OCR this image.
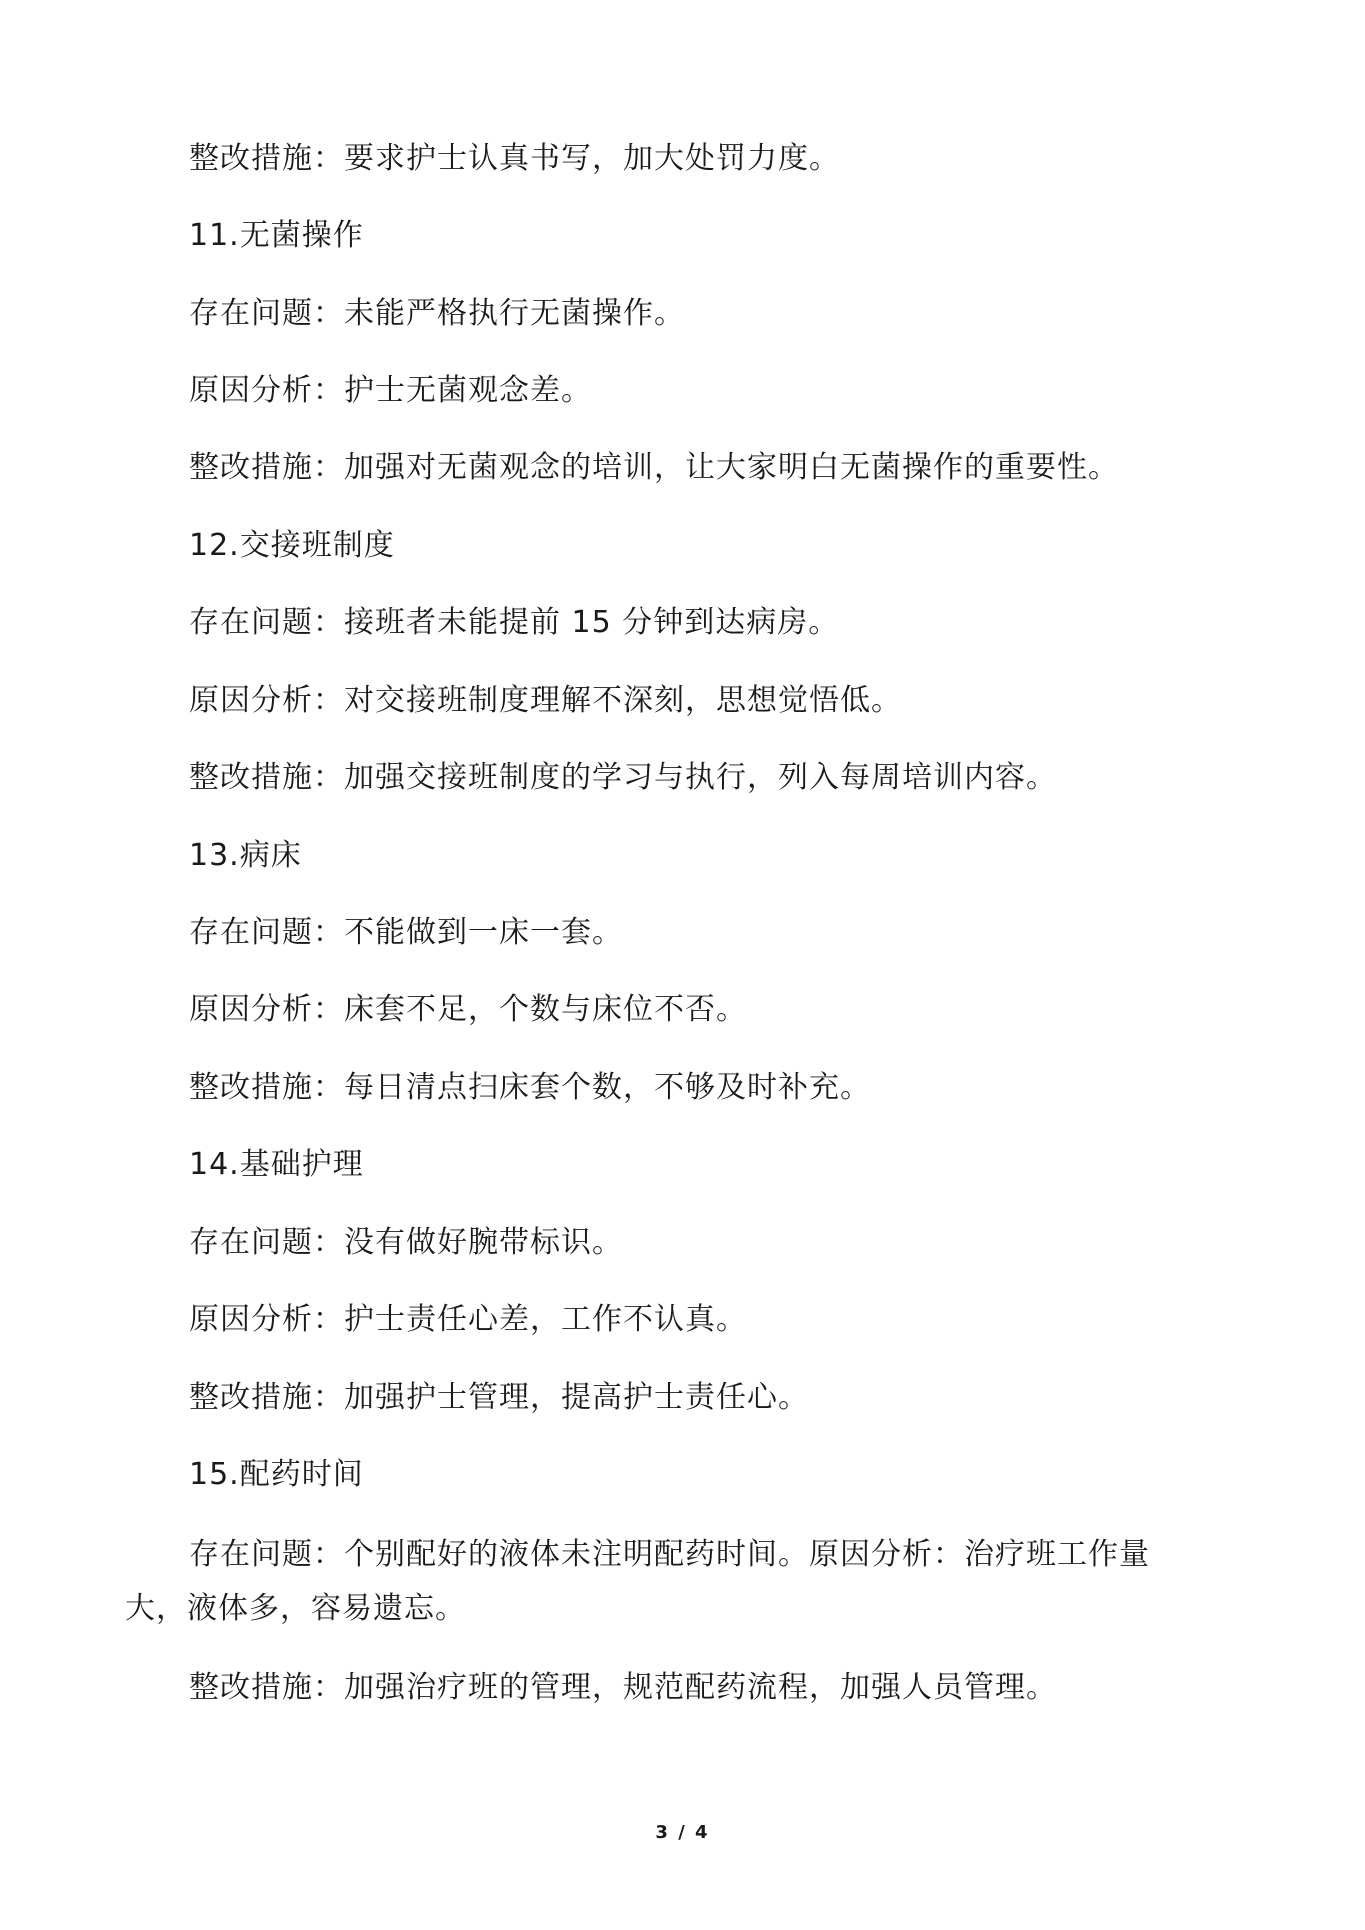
整改措施：要求护士认真书写，加大处罚力度。

11.无菌操作

存在问题：未能严格执行无菌操作。

原因分析：护士无菌观念差。

整改措施：加强对无菌观念的培训，让大家明白无菌操作的重要性。

12.交接班制度

存在问题：接班者未能提前 15 分钟到达病房。

原因分析：对交接班制度理解不深刻，思想觉悟低。

整改措施：加强交接班制度的学习与执行，列入每周培训内容。

13.病床

存在问题：不能做到一床一套。

原因分析：床套不足，个数与床位不否。

整改措施：每日清点扫床套个数，不够及时补充。

14.基础护理

存在问题：没有做好腕带标识。

原因分析：护士责任心差，工作不认真。

整改措施：加强护士管理，提高护士责任心。

15.配药时间

存在问题：个别配好的液体未注明配药时间。原因分析：治疗班工作量大，液体多，容易遗忘。

整改措施：加强治疗班的管理，规范配药流程，加强人员管理。

3 / 4
